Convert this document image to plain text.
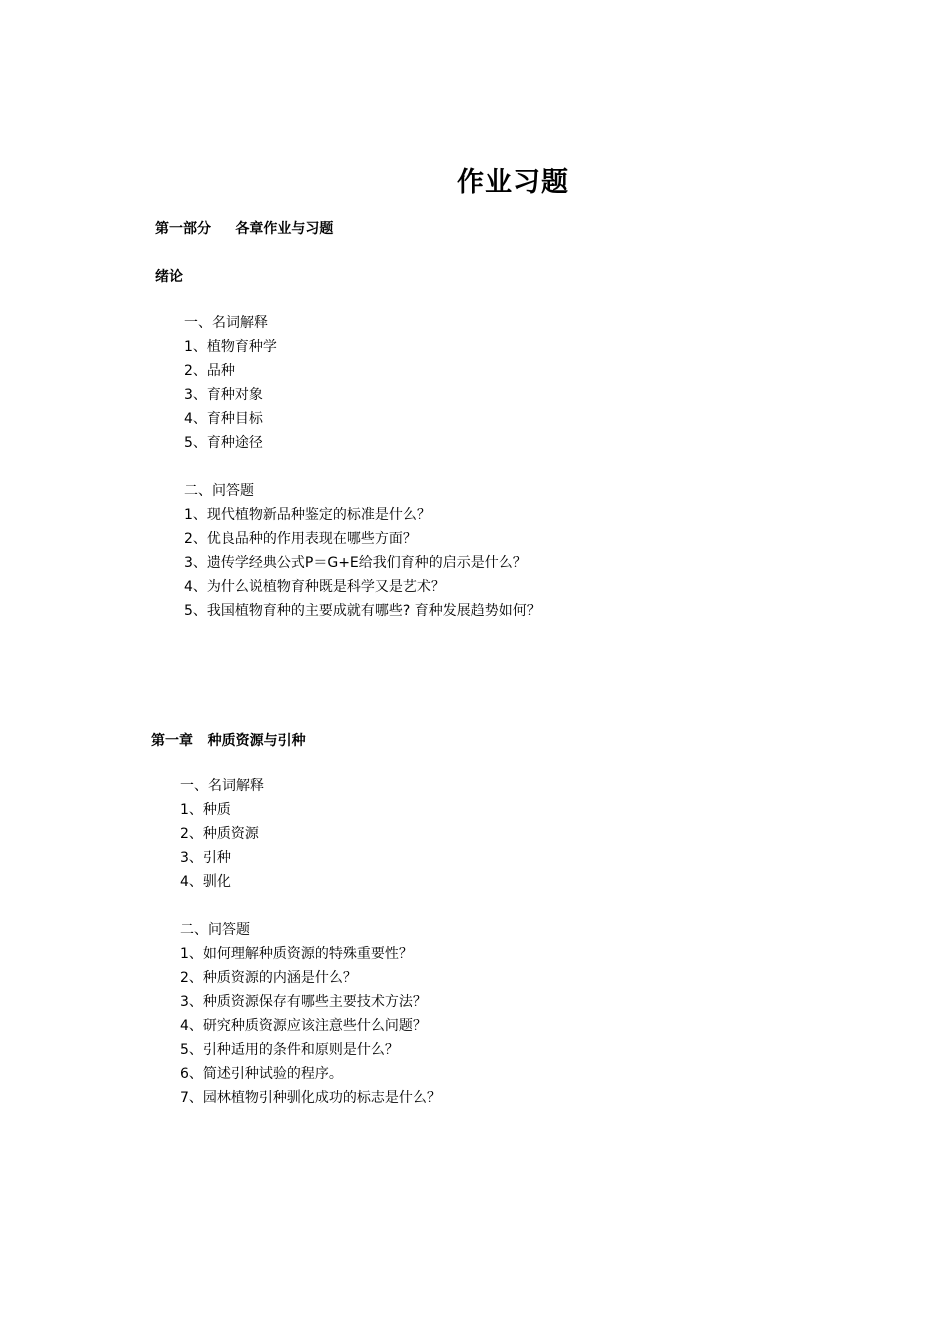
作业习题
第一部分     各章作业与习题
绪论
一、名词解释
1、植物育种学
2、品种
3、育种对象
4、育种目标
5、育种途径
二、问答题
1、现代植物新品种鉴定的标准是什么？
2、优良品种的作用表现在哪些方面？
3、遗传学经典公式P＝G+E给我们育种的启示是什么？
4、为什么说植物育种既是科学又是艺术？
5、我国植物育种的主要成就有哪些? 育种发展趋势如何？
第一章   种质资源与引种
一、名词解释
1、种质
2、种质资源
3、引种
4、驯化
二、问答题
1、如何理解种质资源的特殊重要性？
2、种质资源的内涵是什么？
3、种质资源保存有哪些主要技术方法？
4、研究种质资源应该注意些什么问题？
5、引种适用的条件和原则是什么？
6、简述引种试验的程序。
7、园林植物引种驯化成功的标志是什么？
